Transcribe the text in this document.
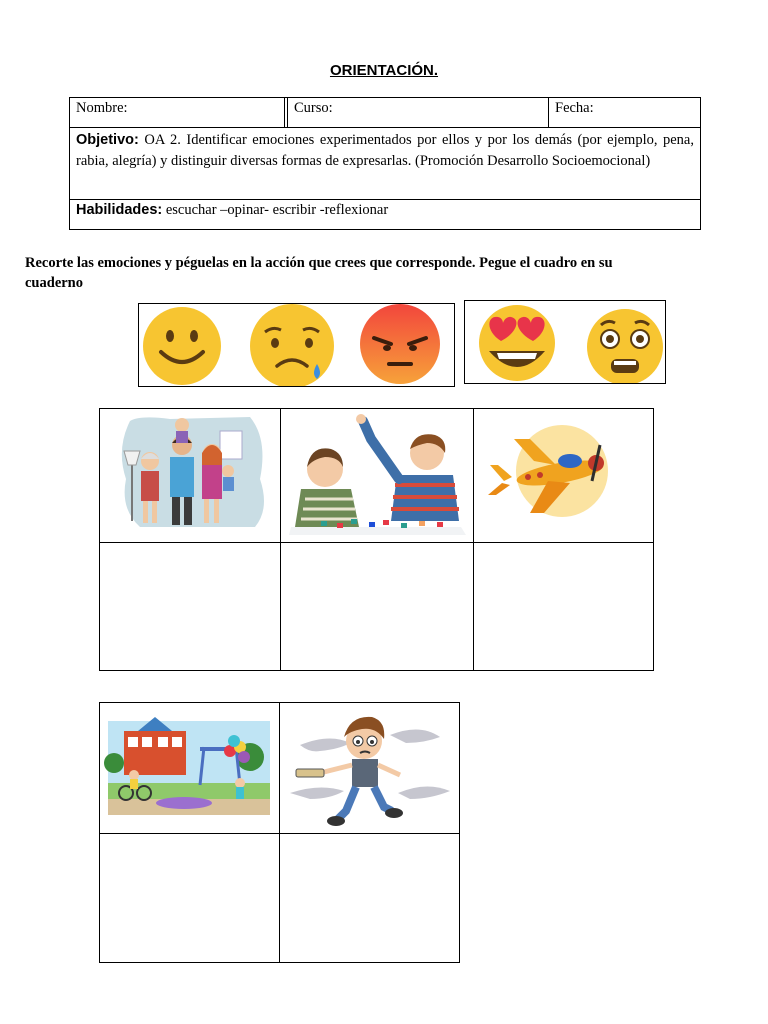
ORIENTACIÓN.
Nombre:		Curso:	Fecha:
Objetivo: OA 2. Identificar emociones experimentados por ellos y por los demás (por ejemplo, pena, rabia, alegría) y distinguir diversas formas de expresarlas. (Promoción Desarrollo Socioemocional)
Habilidades: escuchar –opinar- escribir -reflexionar
Recorte las emociones y péguelas en la acción que crees que corresponde. Pegue el cuadro en su cuaderno
